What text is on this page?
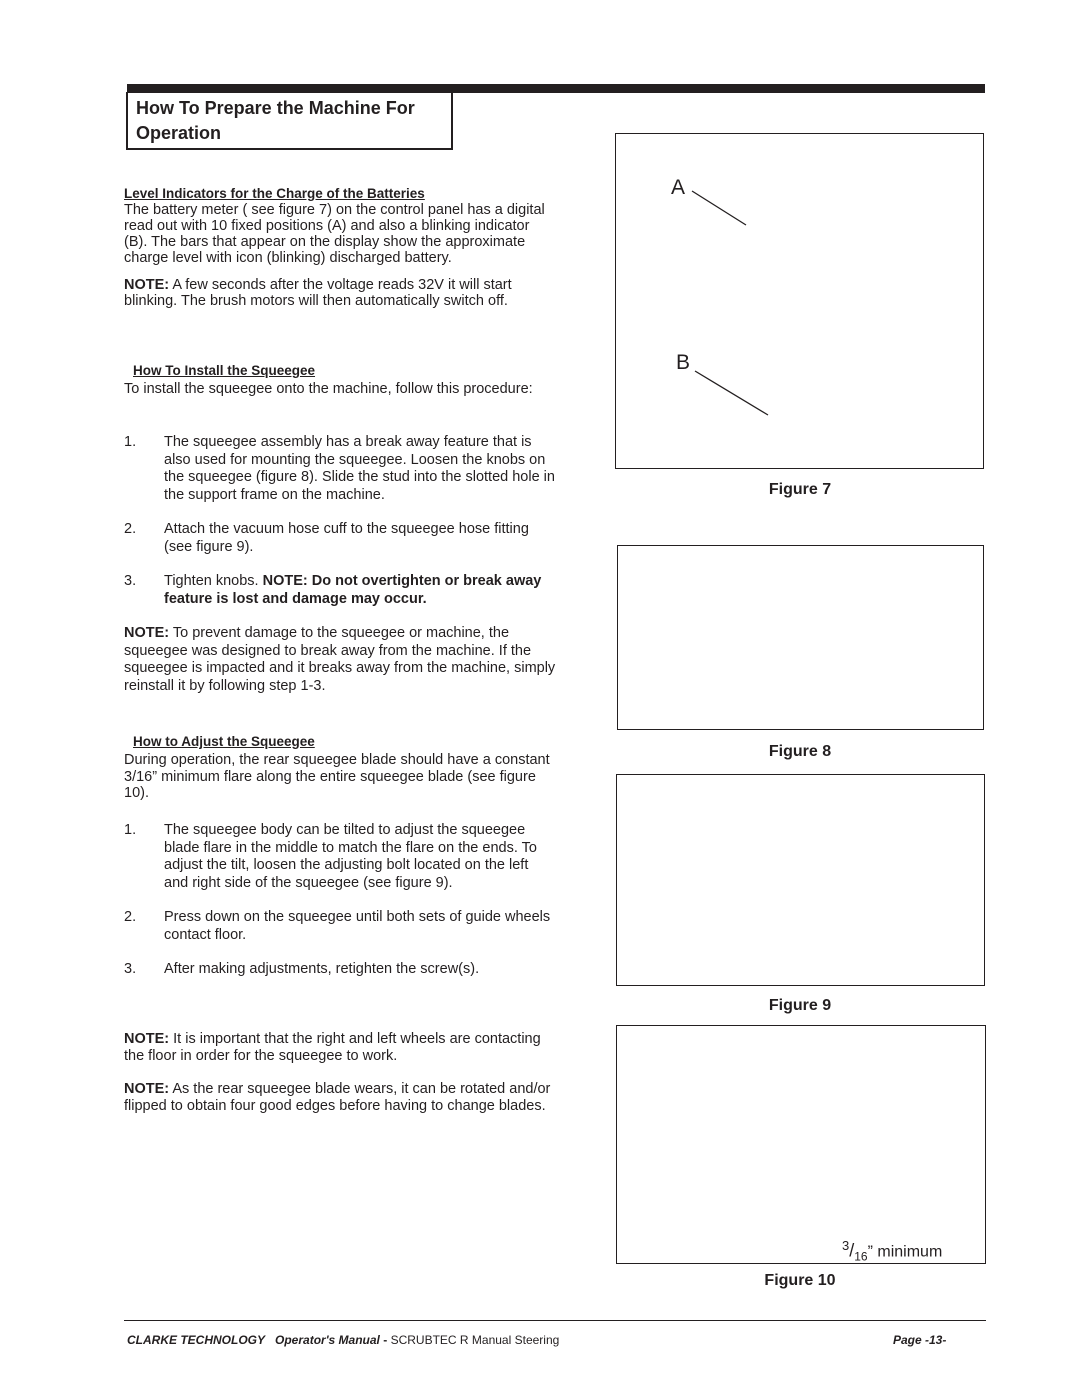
How To Prepare the Machine For Operation

Level Indicators for the Charge of the Batteries

The battery meter ( see figure 7) on the control panel has a digital read out with 10 fixed positions (A) and also a blinking indicator (B). The bars that appear on the display show the approximate charge level with icon (blinking) discharged battery.

NOTE: A few seconds after the voltage reads 32V it will start blinking. The brush motors will then automatically switch off.

How To Install the Squeegee

To install the squeegee onto the machine, follow this procedure:

1.	The squeegee assembly has a break away feature that is also used for mounting the squeegee. Loosen the knobs on the squeegee (figure 8). Slide the stud into the slotted hole in the support frame on the machine.
2.	Attach the vacuum hose cuff to the squeegee hose fitting (see figure 9).
3.	Tighten knobs. NOTE: Do not overtighten or break away feature is lost and damage may occur.

NOTE: To prevent damage to the squeegee or machine, the squeegee was designed to break away from the machine. If the squeegee is impacted and it breaks away from the machine, simply reinstall it by following step 1-3.

How to Adjust the Squeegee

During operation, the rear squeegee blade should have a constant 3/16” minimum flare along the entire squeegee blade (see figure 10).

1.	The squeegee body can be tilted to adjust the squeegee blade flare in the middle to match the flare on the ends. To adjust the tilt, loosen the adjusting bolt located on the left and right side of the squeegee (see figure 9).
2.	Press down on the squeegee until both sets of guide wheels contact floor.
3.	After making adjustments, retighten the screw(s).

NOTE: It is important that the right and left wheels are contacting the floor in order for the squeegee to work.

NOTE: As the rear squeegee blade wears, it can be rotated and/or flipped to obtain four good edges before having to change blades.

A
B
Figure 7
Figure 8
Figure 9
$^3/_{16}$” minimum
Figure 10
CLARKE TECHNOLOGY Operator's Manual - SCRUBTEC R Manual Steering	Page -13-
